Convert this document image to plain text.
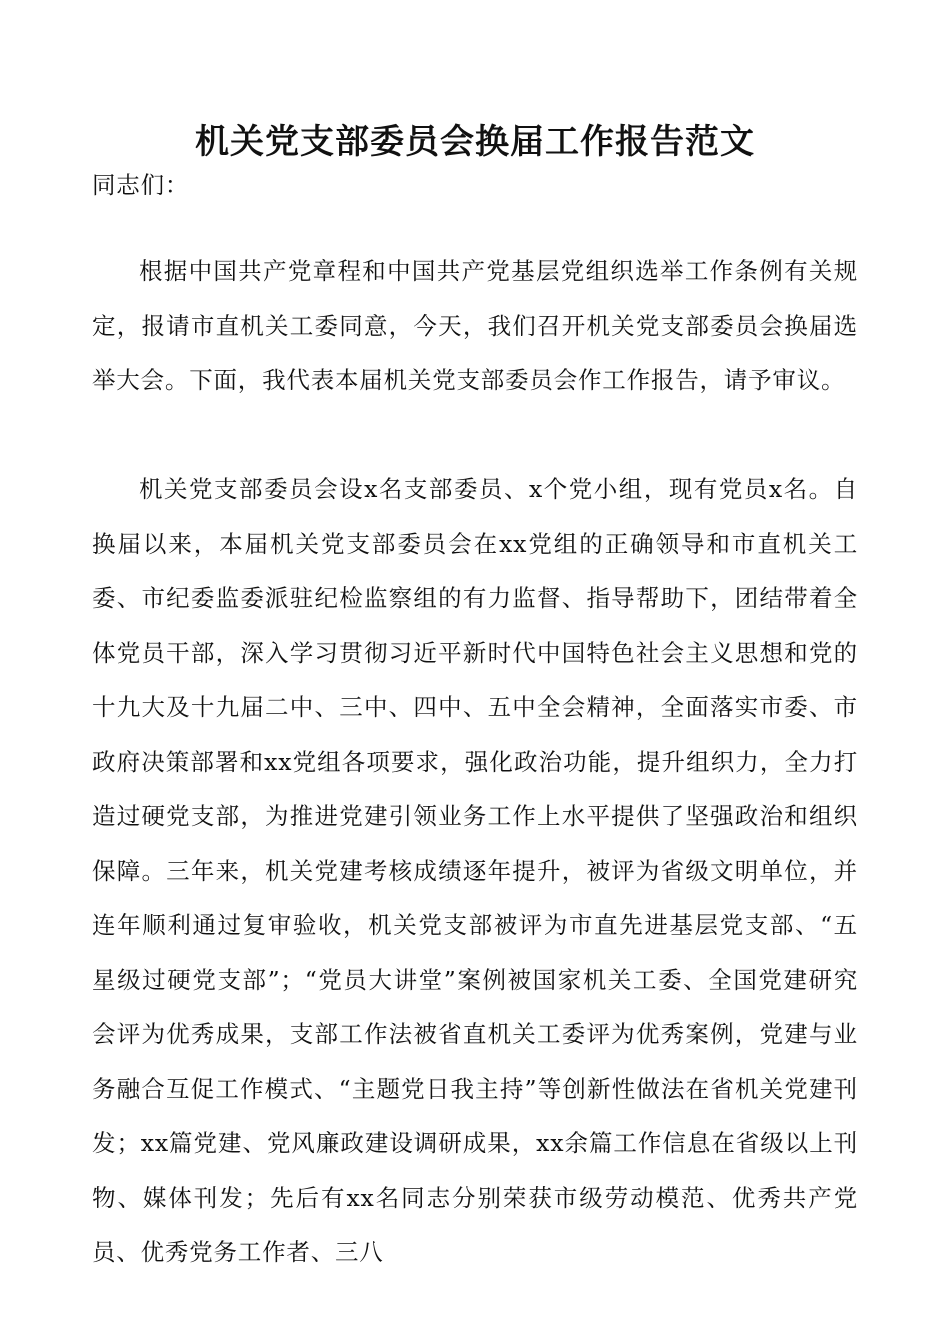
机关党支部委员会换届工作报告范文

同志们：

根据中国共产党章程和中国共产党基层党组织选举工作条例有关规定，报请市直机关工委同意，今天，我们召开机关党支部委员会换届选举大会。下面，我代表本届机关党支部委员会作工作报告，请予审议。

机关党支部委员会设x名支部委员、x个党小组，现有党员x名。自换届以来，本届机关党支部委员会在xx党组的正确领导和市直机关工委、市纪委监委派驻纪检监察组的有力监督、指导帮助下，团结带着全体党员干部，深入学习贯彻习近平新时代中国特色社会主义思想和党的十九大及十九届二中、三中、四中、五中全会精神，全面落实市委、市政府决策部署和xx党组各项要求，强化政治功能，提升组织力，全力打造过硬党支部，为推进党建引领业务工作上水平提供了坚强政治和组织保障。三年来，机关党建考核成绩逐年提升，被评为省级文明单位，并连年顺利通过复审验收，机关党支部被评为市直先进基层党支部、“五星级过硬党支部”；“党员大讲堂”案例被国家机关工委、全国党建研究会评为优秀成果，支部工作法被省直机关工委评为优秀案例，党建与业务融合互促工作模式、“主题党日我主持”等创新性做法在省机关党建刊发；xx篇党建、党风廉政建设调研成果，xx余篇工作信息在省级以上刊物、媒体刊发；先后有xx名同志分别荣获市级劳动模范、优秀共产党员、优秀党务工作者、三八
